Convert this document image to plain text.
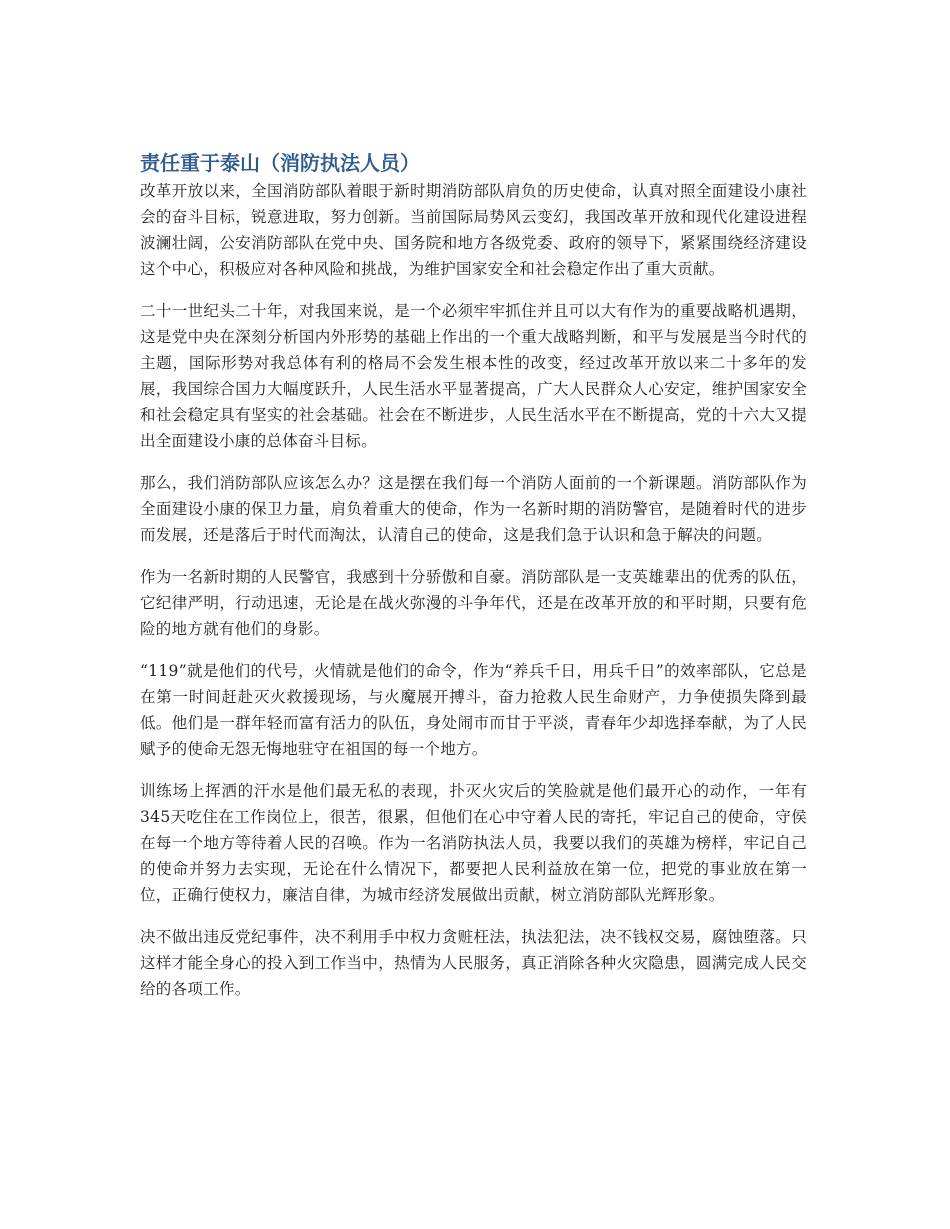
责任重于泰山（消防执法人员）

改革开放以来，全国消防部队着眼于新时期消防部队肩负的历史使命，认真对照全面建设小康社会的奋斗目标，锐意进取，努力创新。当前国际局势风云变幻，我国改革开放和现代化建设进程波澜壮阔，公安消防部队在党中央、国务院和地方各级党委、政府的领导下，紧紧围绕经济建设这个中心，积极应对各种风险和挑战，为维护国家安全和社会稳定作出了重大贡献。

二十一世纪头二十年，对我国来说，是一个必须牢牢抓住并且可以大有作为的重要战略机遇期，这是党中央在深刻分析国内外形势的基础上作出的一个重大战略判断，和平与发展是当今时代的主题，国际形势对我总体有利的格局不会发生根本性的改变，经过改革开放以来二十多年的发展，我国综合国力大幅度跃升，人民生活水平显著提高，广大人民群众人心安定，维护国家安全和社会稳定具有坚实的社会基础。社会在不断进步，人民生活水平在不断提高，党的十六大又提出全面建设小康的总体奋斗目标。

那么，我们消防部队应该怎么办？这是摆在我们每一个消防人面前的一个新课题。消防部队作为全面建设小康的保卫力量，肩负着重大的使命，作为一名新时期的消防警官，是随着时代的进步而发展，还是落后于时代而淘汰，认清自己的使命，这是我们急于认识和急于解决的问题。

作为一名新时期的人民警官，我感到十分骄傲和自豪。消防部队是一支英雄辈出的优秀的队伍，它纪律严明，行动迅速，无论是在战火弥漫的斗争年代，还是在改革开放的和平时期，只要有危险的地方就有他们的身影。

“119”就是他们的代号，火情就是他们的命令，作为“养兵千日，用兵千日”的效率部队，它总是在第一时间赶赴灭火救援现场，与火魔展开搏斗，奋力抢救人民生命财产，力争使损失降到最低。他们是一群年轻而富有活力的队伍，身处闹市而甘于平淡，青春年少却选择奉献，为了人民赋予的使命无怨无悔地驻守在祖国的每一个地方。

训练场上挥洒的汗水是他们最无私的表现，扑灭火灾后的笑脸就是他们最开心的动作，一年有345天吃住在工作岗位上，很苦，很累，但他们在心中守着人民的寄托，牢记自己的使命，守侯在每一个地方等待着人民的召唤。作为一名消防执法人员，我要以我们的英雄为榜样，牢记自己的使命并努力去实现，无论在什么情况下，都要把人民利益放在第一位，把党的事业放在第一位，正确行使权力，廉洁自律，为城市经济发展做出贡献，树立消防部队光辉形象。

决不做出违反党纪事件，决不利用手中权力贪赃枉法，执法犯法，决不钱权交易，腐蚀堕落。只这样才能全身心的投入到工作当中，热情为人民服务，真正消除各种火灾隐患，圆满完成人民交给的各项工作。
